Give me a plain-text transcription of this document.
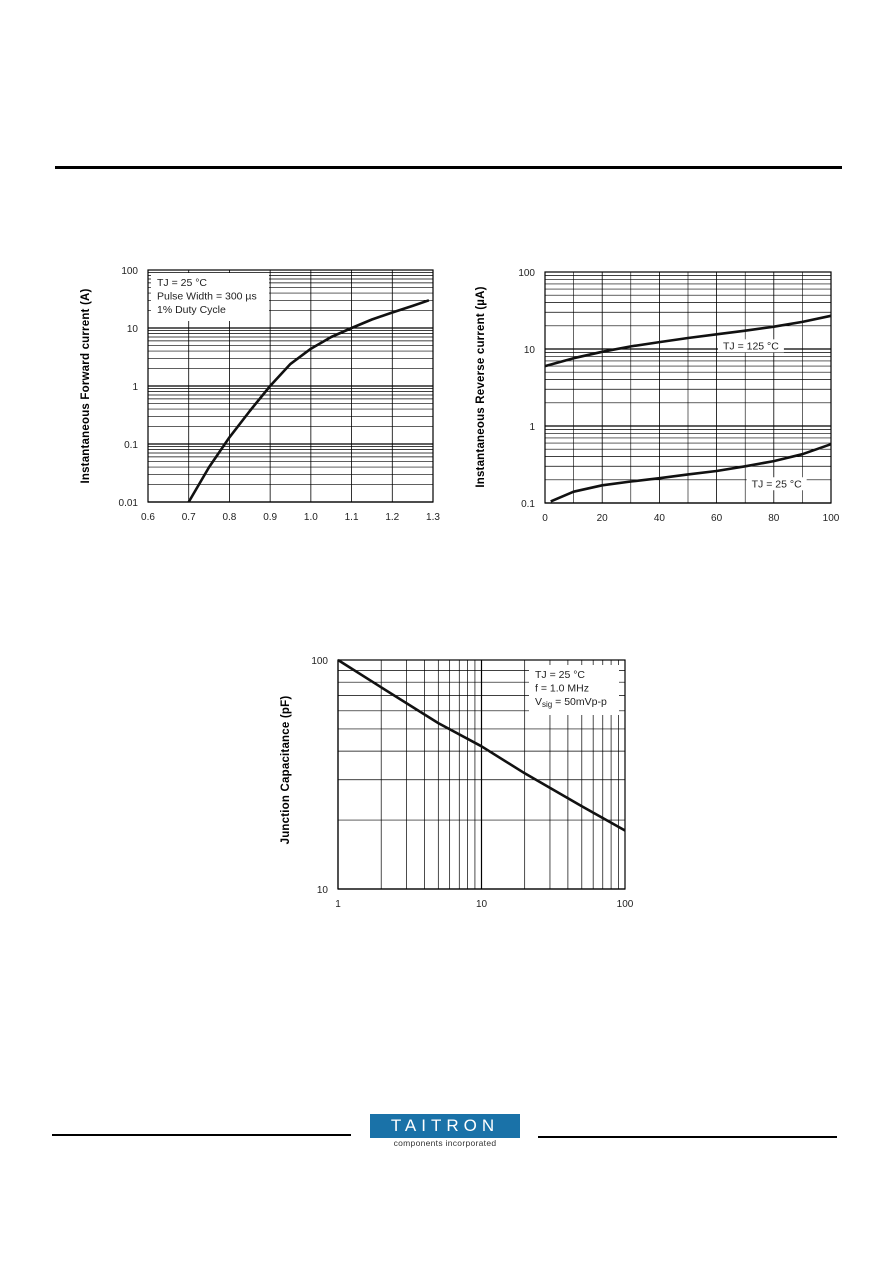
0.6	0.7	0.8	0.9	1.0	1.1	1.2	1.3
0.01
0.1
1
10
100
Instantaneous Forward current (A)
TJ = 25 °C
Pulse Width = 300 µs
1% Duty Cycle
0	20	40	60	80	100
0.1
1
10
100
Instantaneous Reverse current (µA)	TJ = 125 °C
TJ = 25 °C
1	10	100
10
100
Junction Capacitance (pF)
TJ = 25 °C
f = 1.0 MHz
Vsig = 50mVp-p
TAITRON
components incorporated
